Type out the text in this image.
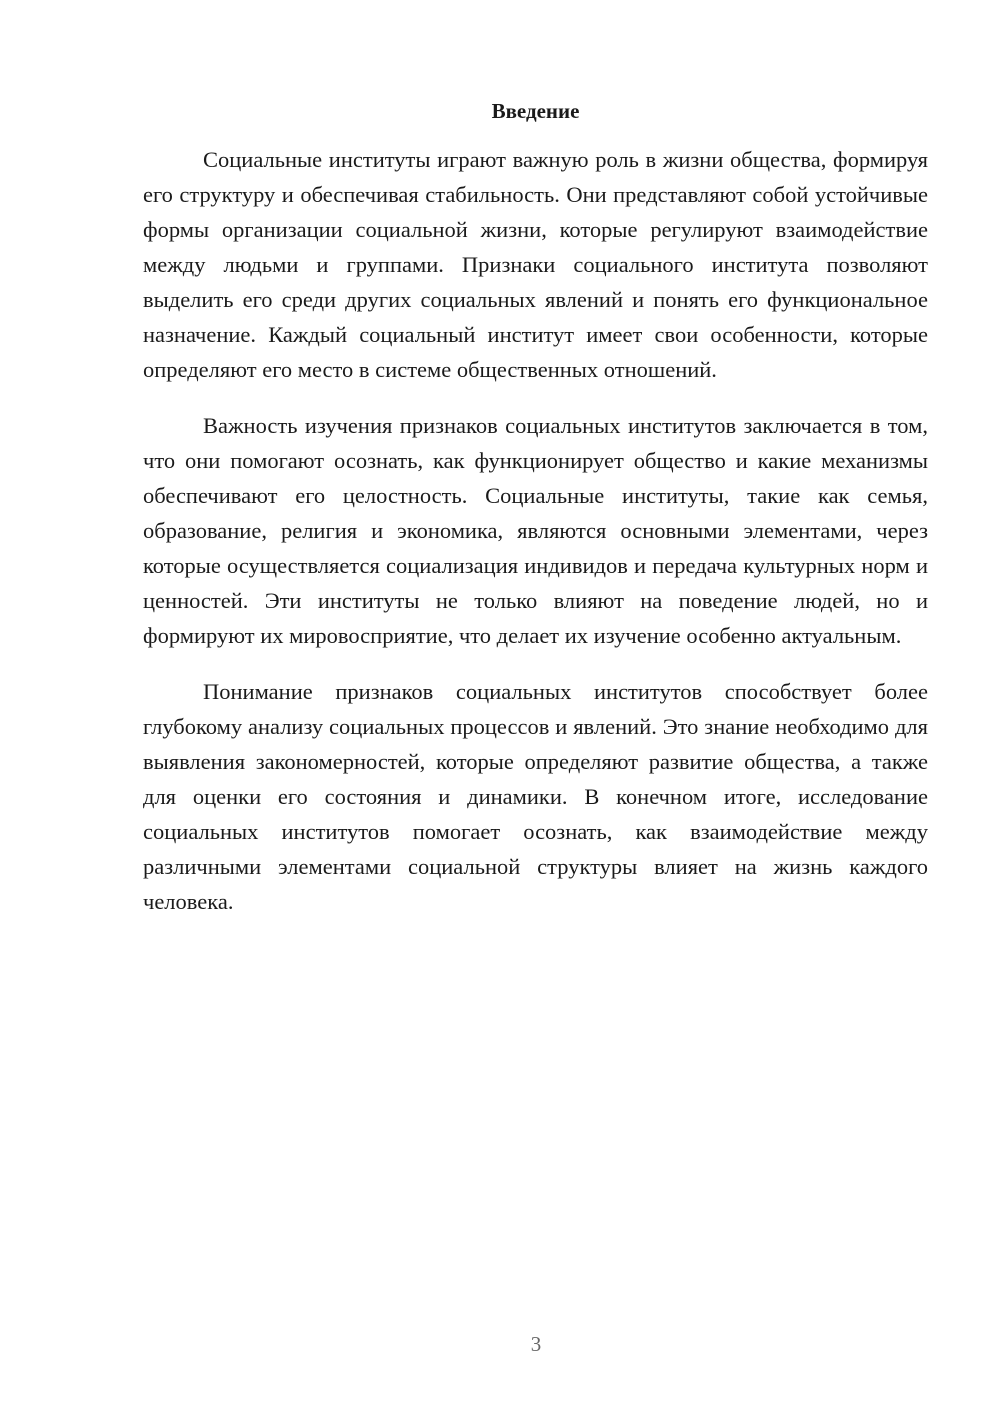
Введение

Социальные институты играют важную роль в жизни общества, формируя его структуру и обеспечивая стабильность. Они представляют собой устойчивые формы организации социальной жизни, которые регулируют взаимодействие между людьми и группами. Признаки социального института позволяют выделить его среди других социальных явлений и понять его функциональное назначение. Каждый социальный институт имеет свои особенности, которые определяют его место в системе общественных отношений.

Важность изучения признаков социальных институтов заключается в том, что они помогают осознать, как функционирует общество и какие механизмы обеспечивают его целостность. Социальные институты, такие как семья, образование, религия и экономика, являются основными элементами, через которые осуществляется социализация индивидов и передача культурных норм и ценностей. Эти институты не только влияют на поведение людей, но и формируют их мировосприятие, что делает их изучение особенно актуальным.

Понимание признаков социальных институтов способствует более глубокому анализу социальных процессов и явлений. Это знание необходимо для выявления закономерностей, которые определяют развитие общества, а также для оценки его состояния и динамики. В конечном итоге, исследование социальных институтов помогает осознать, как взаимодействие между различными элементами социальной структуры влияет на жизнь каждого человека.

3
